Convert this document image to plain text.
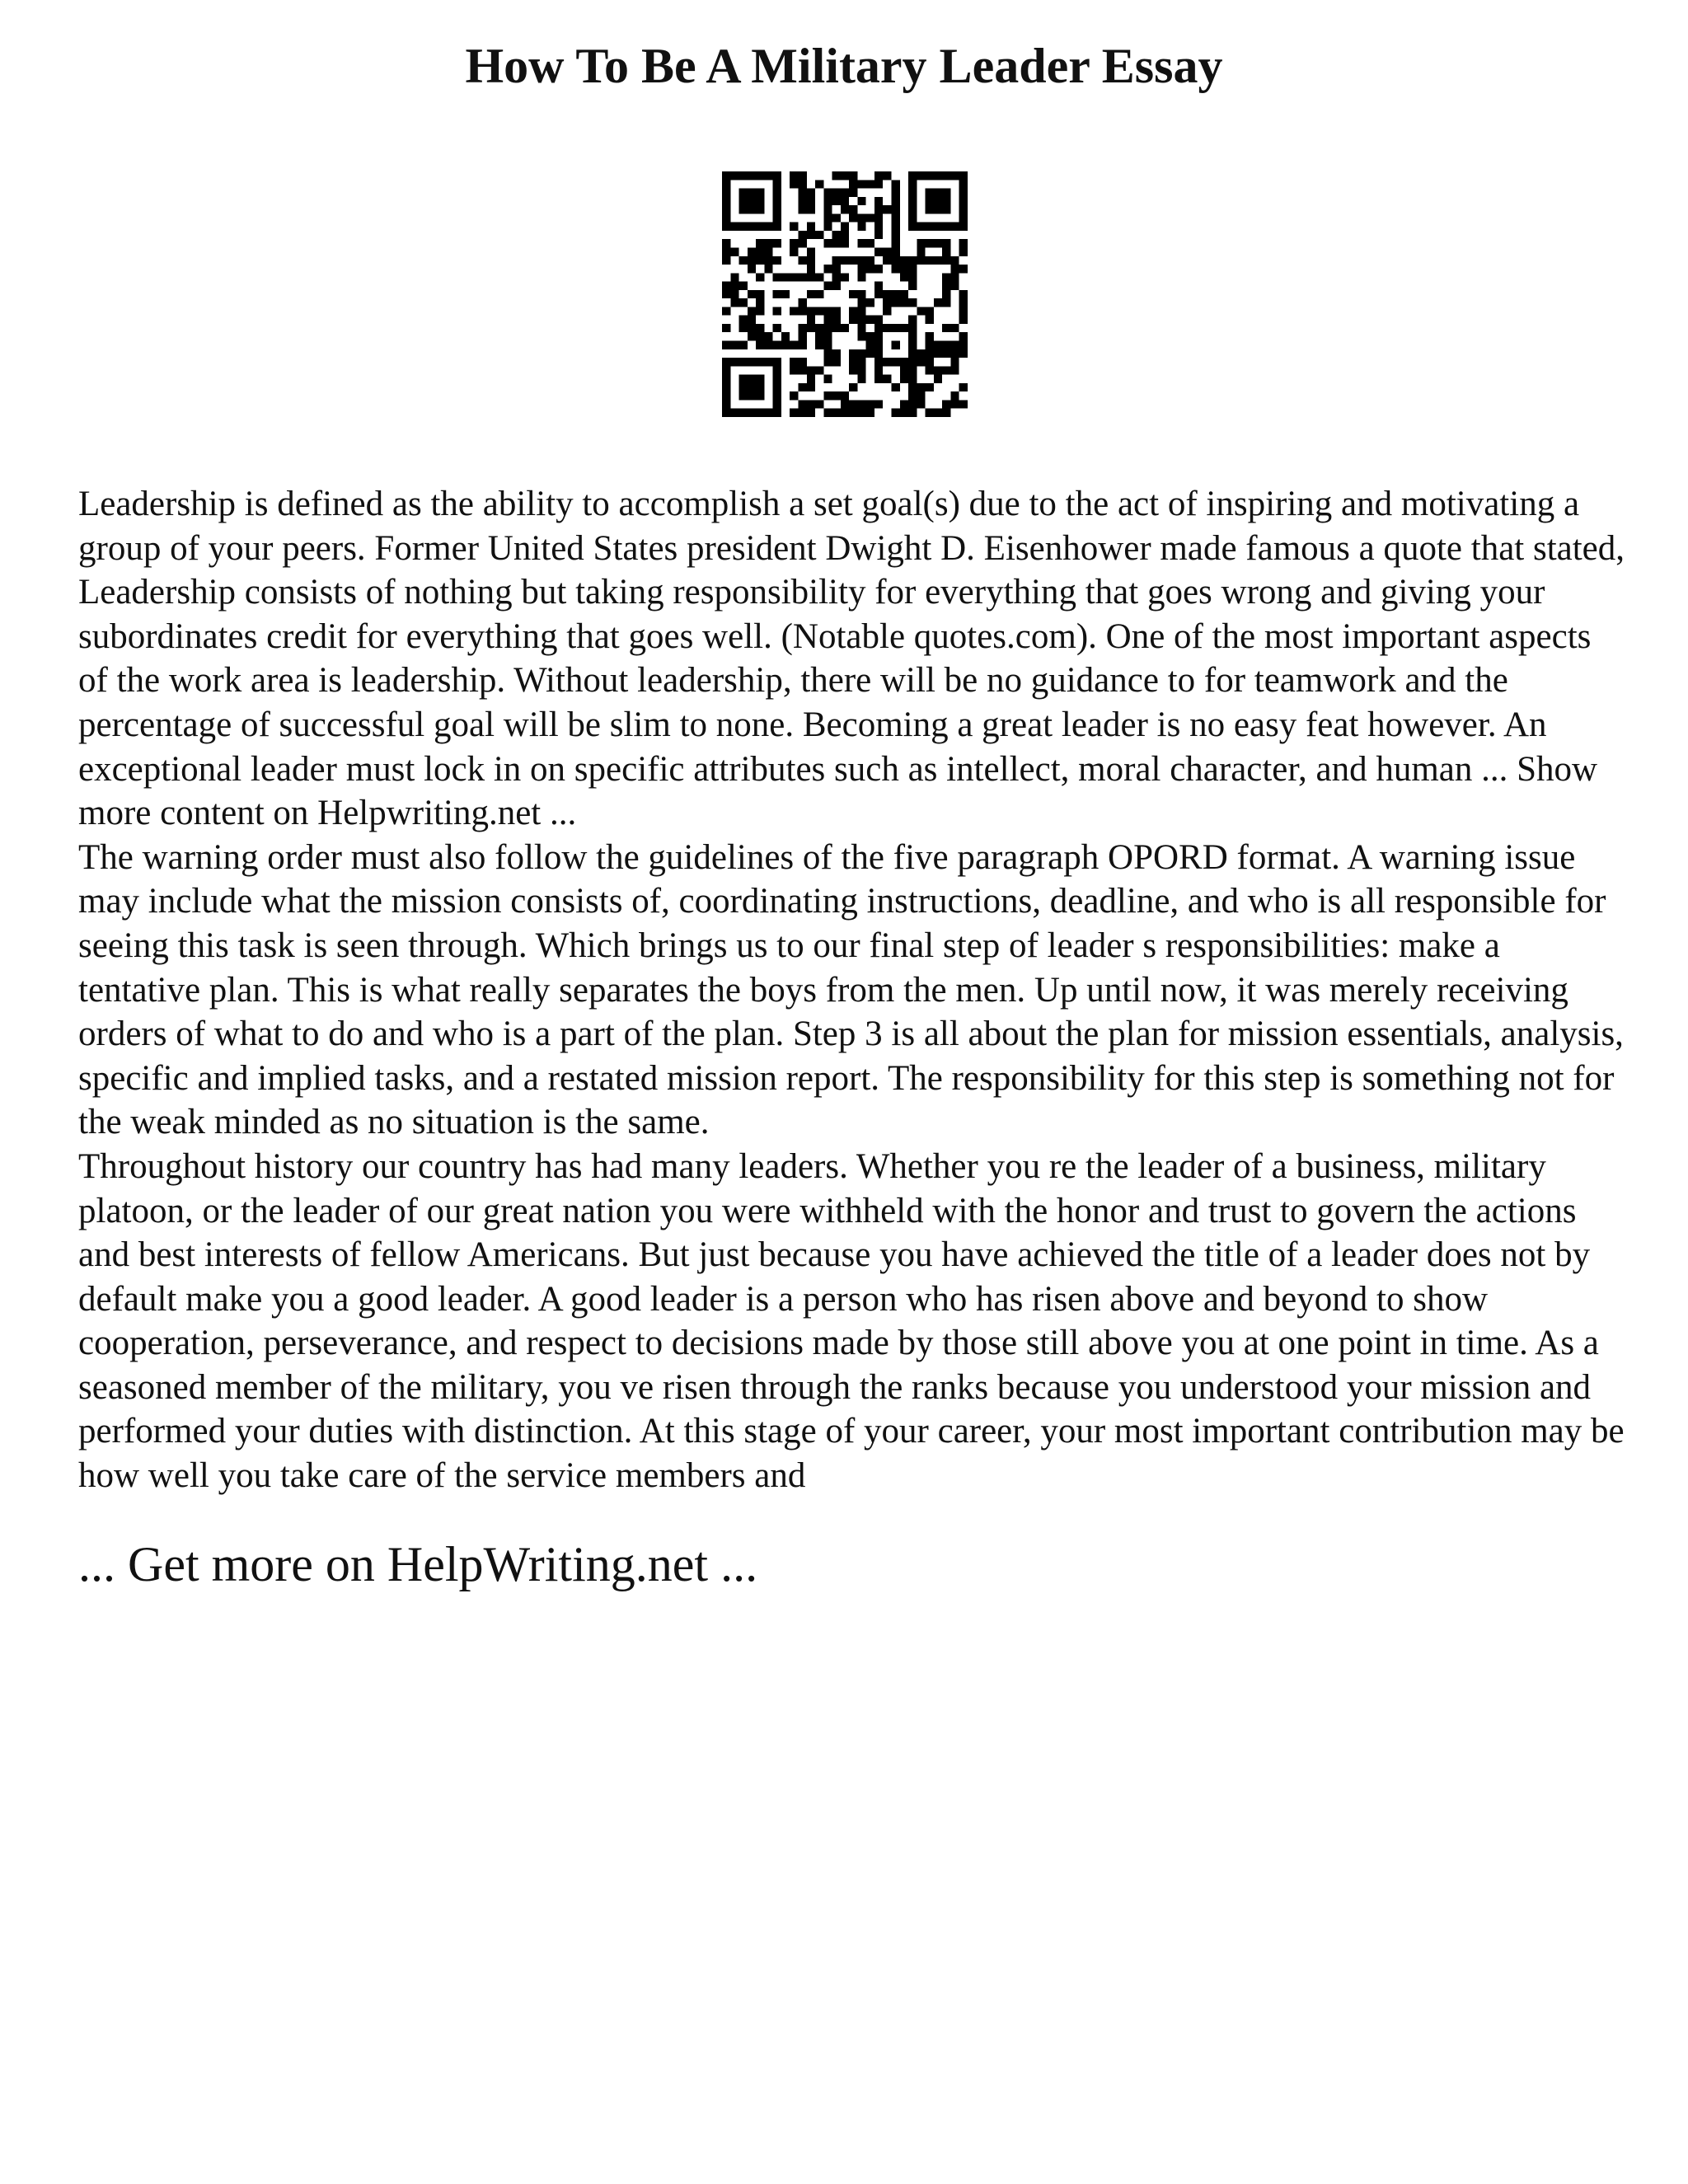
How To Be A Military Leader Essay

Leadership is defined as the ability to accomplish a set goal(s) due to the act of inspiring and motivating a group of your peers. Former United States president Dwight D. Eisenhower made famous a quote that stated, Leadership consists of nothing but taking responsibility for everything that goes wrong and giving your subordinates credit for everything that goes well. (Notable quotes.com). One of the most important aspects of the work area is leadership. Without leadership, there will be no guidance to for teamwork and the percentage of successful goal will be slim to none. Becoming a great leader is no easy feat however. An exceptional leader must lock in on specific attributes such as intellect, moral character, and human ... Show more content on Helpwriting.net ...

The warning order must also follow the guidelines of the five paragraph OPORD format. A warning issue may include what the mission consists of, coordinating instructions, deadline, and who is all responsible for seeing this task is seen through. Which brings us to our final step of leader s responsibilities: make a tentative plan. This is what really separates the boys from the men. Up until now, it was merely receiving orders of what to do and who is a part of the plan. Step 3 is all about the plan for mission essentials, analysis, specific and implied tasks, and a restated mission report. The responsibility for this step is something not for the weak minded as no situation is the same.

Throughout history our country has had many leaders. Whether you re the leader of a business, military platoon, or the leader of our great nation you were withheld with the honor and trust to govern the actions and best interests of fellow Americans. But just because you have achieved the title of a leader does not by default make you a good leader. A good leader is a person who has risen above and beyond to show cooperation, perseverance, and respect to decisions made by those still above you at one point in time. As a seasoned member of the military, you ve risen through the ranks because you understood your mission and performed your duties with distinction. At this stage of your career, your most important contribution may be how well you take care of the service members and

... Get more on HelpWriting.net ...
